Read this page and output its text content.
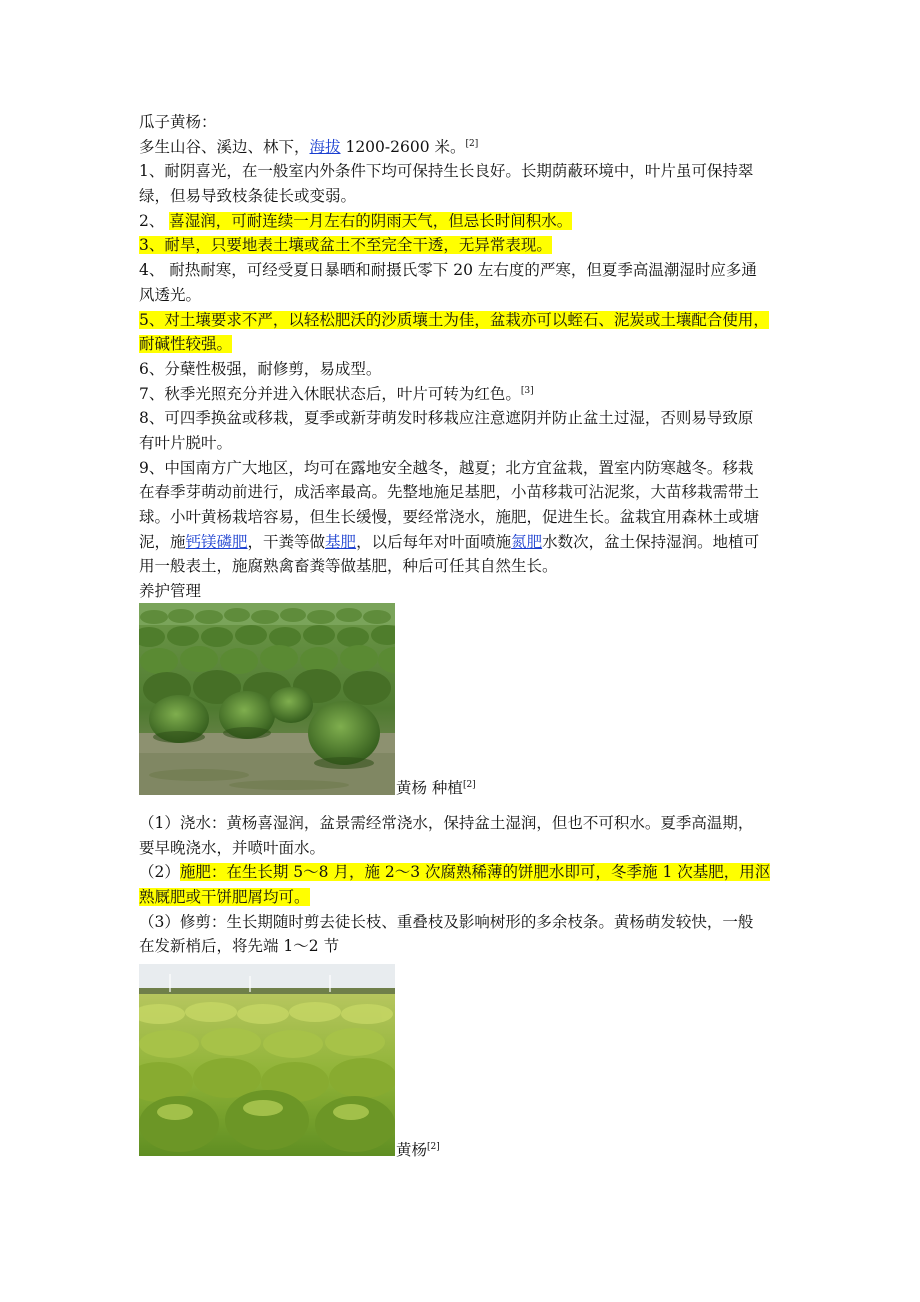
瓜子黄杨：
多生山谷、溪边、林下，海拔 1200-2600 米。[2]
1、耐阴喜光，在一般室内外条件下均可保持生长良好。长期荫蔽环境中，叶片虽可保持翠
绿，但易导致枝条徒长或变弱。
2、 喜湿润，可耐连续一月左右的阴雨天气，但忌长时间积水。
3、耐旱，只要地表土壤或盆土不至完全干透，无异常表现。
4、 耐热耐寒，可经受夏日暴晒和耐摄氏零下 20 左右度的严寒，但夏季高温潮湿时应多通
风透光。
5、对土壤要求不严，以轻松肥沃的沙质壤土为佳，盆栽亦可以蛭石、泥炭或土壤配合使用，
耐碱性较强。
6、分蘖性极强，耐修剪，易成型。
7、秋季光照充分并进入休眠状态后，叶片可转为红色。[3]
8、可四季换盆或移栽，夏季或新芽萌发时移栽应注意遮阴并防止盆土过湿，否则易导致原
有叶片脱叶。
9、中国南方广大地区，均可在露地安全越冬，越夏；北方宜盆栽，置室内防寒越冬。移栽
在春季芽萌动前进行，成活率最高。先整地施足基肥，小苗移栽可沾泥浆，大苗移栽需带土
球。小叶黄杨栽培容易，但生长缓慢，要经常浇水，施肥，促进生长。盆栽宜用森林土或塘
泥，施钙镁磷肥，干粪等做基肥，以后每年对叶面喷施氮肥水数次，盆土保持湿润。地植可
用一般表土，施腐熟禽畜粪等做基肥，种后可任其自然生长。
养护管理
黄杨 种植[2]
（1）浇水：黄杨喜湿润，盆景需经常浇水，保持盆土湿润，但也不可积水。夏季高温期，
要早晚浇水，并喷叶面水。
（2）施肥：在生长期 5～8 月，施 2～3 次腐熟稀薄的饼肥水即可，冬季施 1 次基肥，用沤
熟厩肥或干饼肥屑均可。
（3）修剪：生长期随时剪去徒长枝、重叠枝及影响树形的多余枝条。黄杨萌发较快，一般
在发新梢后，将先端 1～2 节
黄杨[2]
